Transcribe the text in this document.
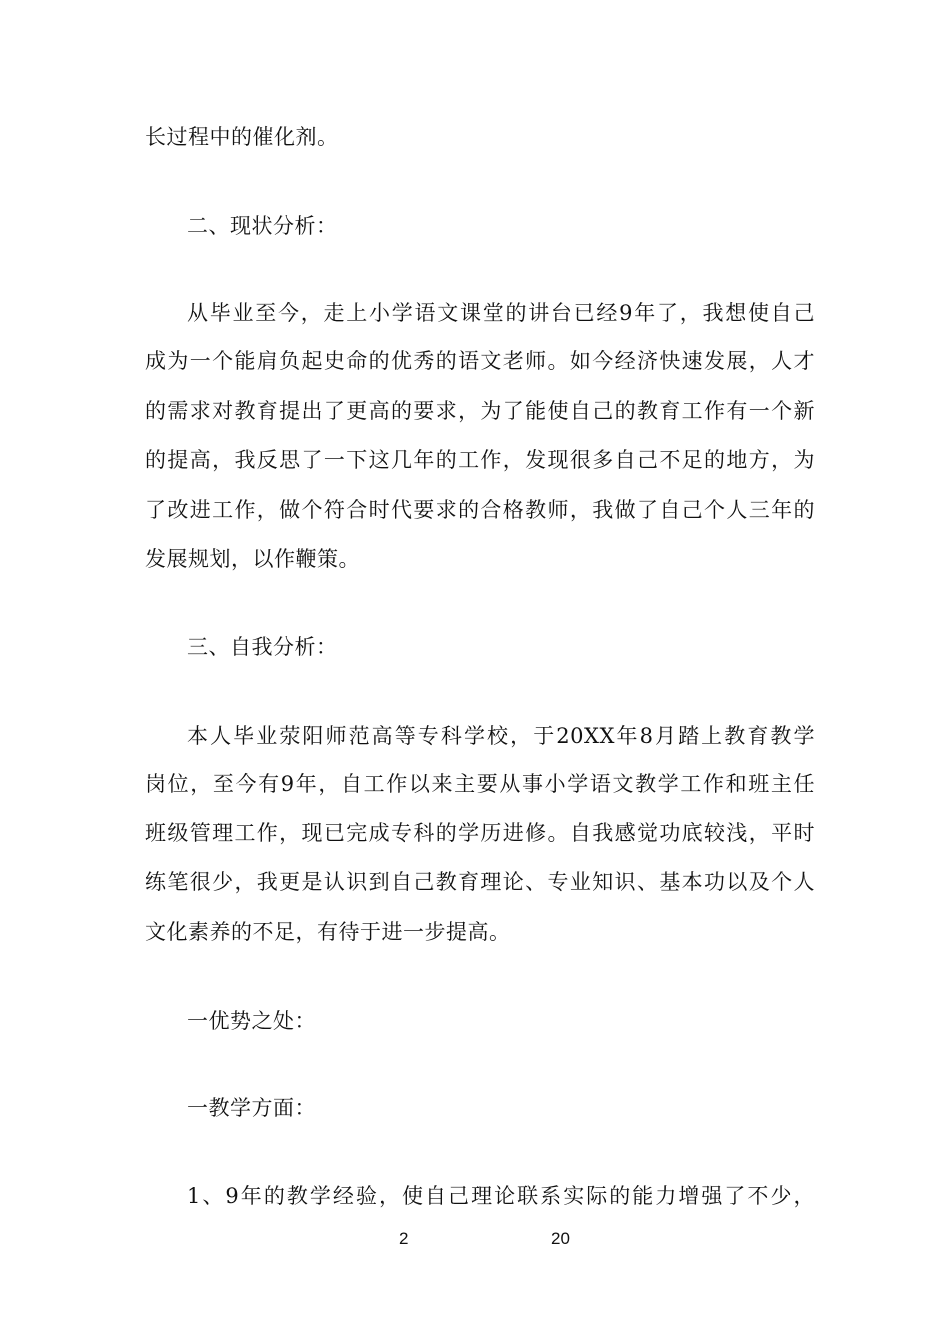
长过程中的催化剂。
二、现状分析：
从毕业至今，走上小学语文课堂的讲台已经9年了，我想使自己
成为一个能肩负起史命的优秀的语文老师。如今经济快速发展，人才
的需求对教育提出了更高的要求，为了能使自己的教育工作有一个新
的提高，我反思了一下这几年的工作，发现很多自己不足的地方，为
了改进工作，做个符合时代要求的合格教师，我做了自己个人三年的
发展规划，以作鞭策。
三、自我分析：
本人毕业荥阳师范高等专科学校，于20XX年8月踏上教育教学
岗位，至今有9年，自工作以来主要从事小学语文教学工作和班主任
班级管理工作，现已完成专科的学历进修。自我感觉功底较浅，平时
练笔很少，我更是认识到自己教育理论、专业知识、基本功以及个人
文化素养的不足，有待于进一步提高。
一优势之处：
一教学方面：
1、9年的教学经验，使自己理论联系实际的能力增强了不少，
2	20
